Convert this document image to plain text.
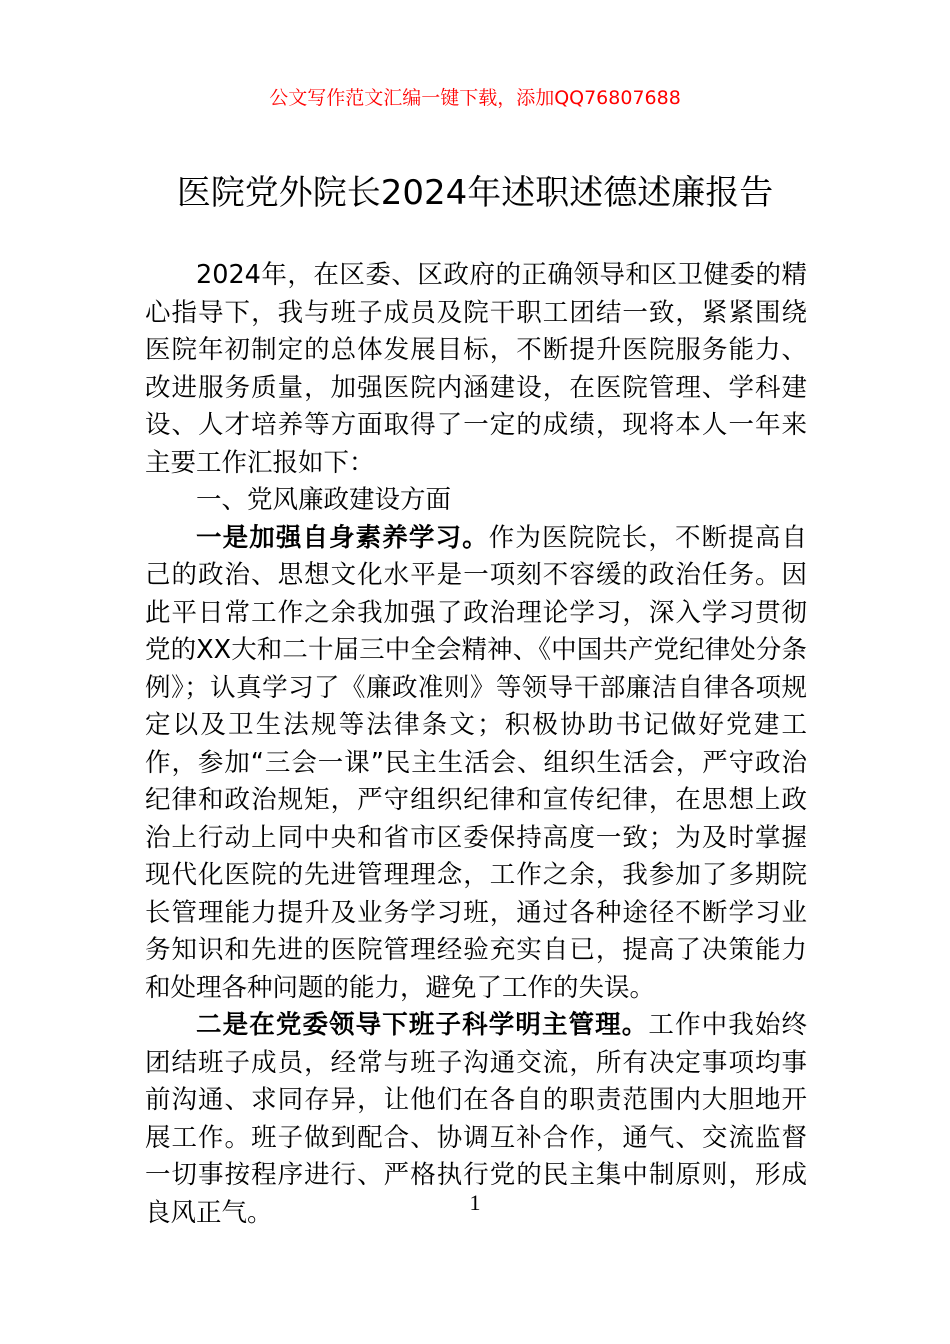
公文写作范文汇编一键下载，添加QQ76807688
医院党外院长2024年述职述德述廉报告

2024年，在区委、区政府的正确领导和区卫健委的精心指导下，我与班子成员及院干职工团结一致，紧紧围绕医院年初制定的总体发展目标，不断提升医院服务能力、改进服务质量，加强医院内涵建设，在医院管理、学科建设、人才培养等方面取得了一定的成绩，现将本人一年来主要工作汇报如下：

一、党风廉政建设方面

一是加强自身素养学习。作为医院院长，不断提高自己的政治、思想文化水平是一项刻不容缓的政治任务。因此平日常工作之余我加强了政治理论学习，深入学习贯彻党的XX大和二十届三中全会精神、《中国共产党纪律处分条例》；认真学习了《廉政准则》等领导干部廉洁自律各项规定以及卫生法规等法律条文；积极协助书记做好党建工作，参加“三会一课”民主生活会、组织生活会，严守政治纪律和政治规矩，严守组织纪律和宣传纪律，在思想上政治上行动上同中央和省市区委保持高度一致；为及时掌握现代化医院的先进管理理念，工作之余，我参加了多期院长管理能力提升及业务学习班，通过各种途径不断学习业务知识和先进的医院管理经验充实自已，提高了决策能力和处理各种问题的能力，避免了工作的失误。

二是在党委领导下班子科学明主管理。工作中我始终团结班子成员，经常与班子沟通交流，所有决定事项均事前沟通、求同存异，让他们在各自的职责范围内大胆地开展工作。班子做到配合、协调互补合作，通气、交流监督一切事按程序进行、严格执行党的民主集中制原则，形成良风正气。	1
